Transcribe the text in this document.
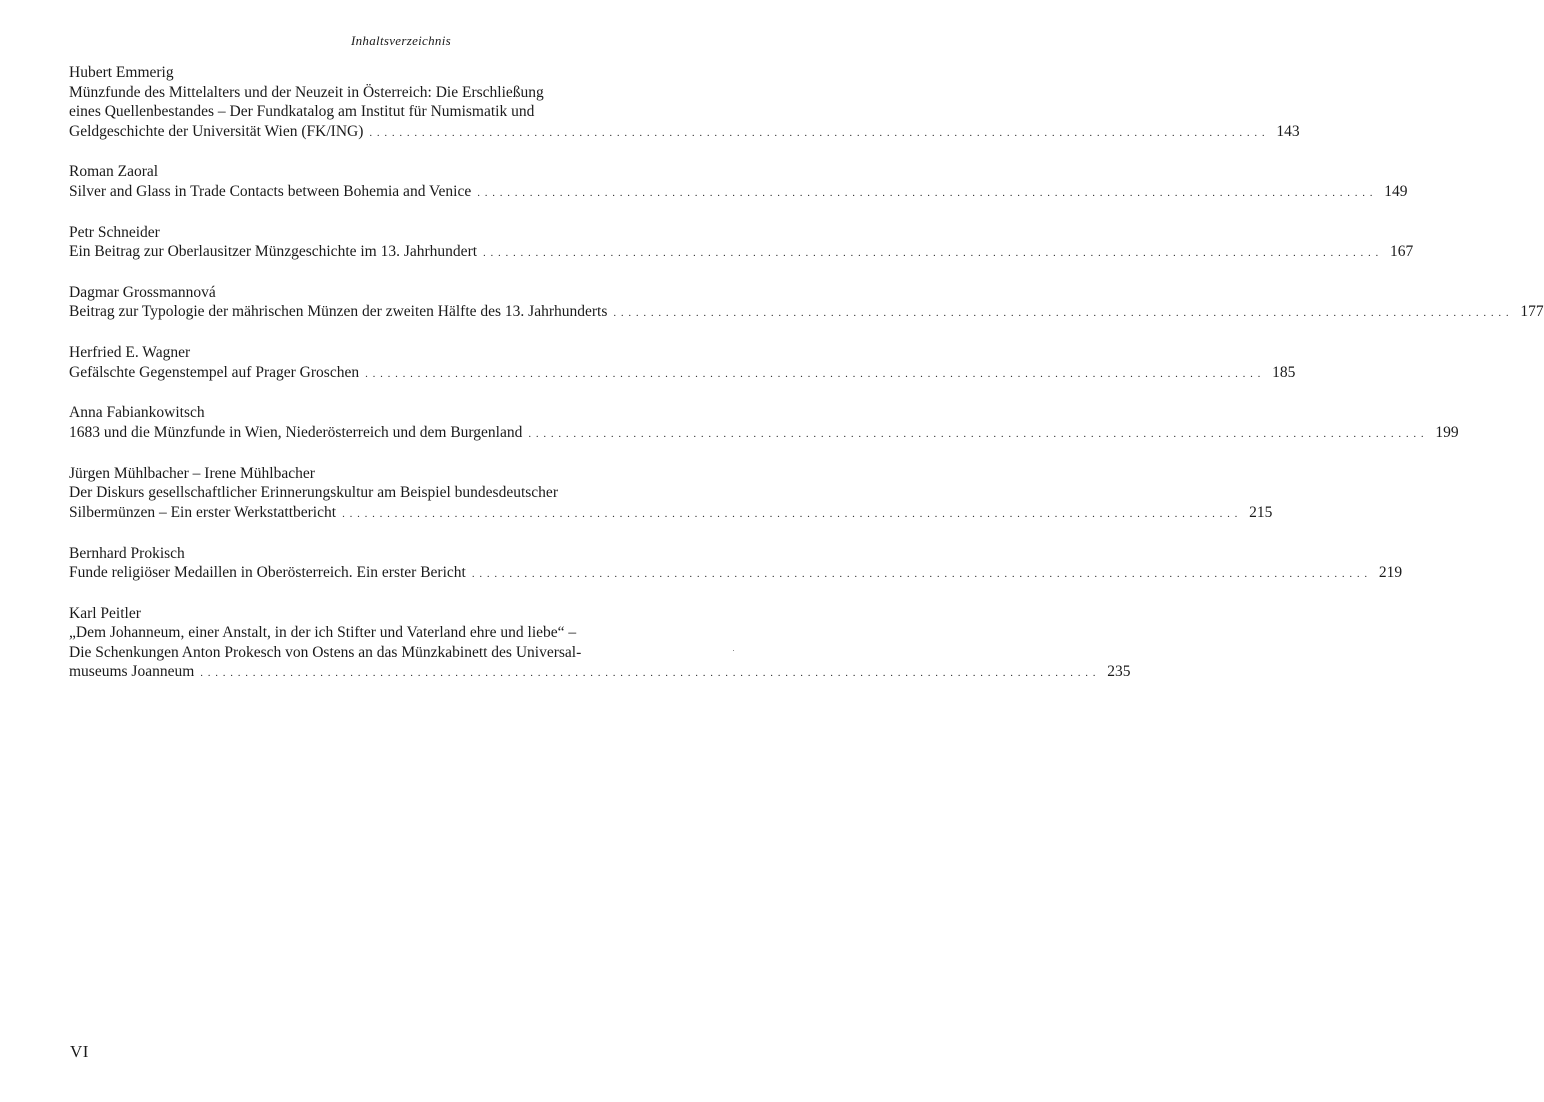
Inhaltsverzeichnis
Hubert Emmerig
Münzfunde des Mittelalters und der Neuzeit in Österreich: Die Erschließung
eines Quellenbestandes – Der Fundkatalog am Institut für Numismatik und
Geldgeschichte der Universität Wien (FK/ING) . . . . . . . . . . . . . . . . . . . . . . . . . . . . . . . . . . . . . . . . . . . . . . . . . . . . . . . . . . . . . . . . . . . . . . . . . . . . . . . . . . . . . . . . . . . . . . . . . . . . . . . . . . . . . . . . . . . . . . . . 143
Roman Zaoral
Silver and Glass in Trade Contacts between Bohemia and Venice . . . . . . . . . . . . . . . . . . . . . . . . . . . . . . . . . . . . . . . . . . . . . . . . . . . . . . . . . . . . . . . . . . . . . . . . . . . . . . . . . . . . . . . . . . . . . . . . . . . . . . . . . . . . . . . . . . . . . . . . 149
Petr Schneider
Ein Beitrag zur Oberlausitzer Münzgeschichte im 13. Jahrhundert . . . . . . . . . . . . . . . . . . . . . . . . . . . . . . . . . . . . . . . . . . . . . . . . . . . . . . . . . . . . . . . . . . . . . . . . . . . . . . . . . . . . . . . . . . . . . . . . . . . . . . . . . . . . . . . . . . . . . . . . 167
Dagmar Grossmannová
Beitrag zur Typologie der mährischen Münzen der zweiten Hälfte des 13. Jahrhunderts . . . . . . . . . . . . . . . . . . . . . . . . . . . . . . . . . . . . . . . . . . . . . . . . . . . . . . . . . . . . . . . . . . . . . . . . . . . . . . . . . . . . . . . . . . . . . . . . . . . . . . . . . . . . . . . . . . . . . . . . 177
Herfried E. Wagner
Gefälschte Gegenstempel auf Prager Groschen . . . . . . . . . . . . . . . . . . . . . . . . . . . . . . . . . . . . . . . . . . . . . . . . . . . . . . . . . . . . . . . . . . . . . . . . . . . . . . . . . . . . . . . . . . . . . . . . . . . . . . . . . . . . . . . . . . . . . . . . 185
Anna Fabiankowitsch
1683 und die Münzfunde in Wien, Niederösterreich und dem Burgenland . . . . . . . . . . . . . . . . . . . . . . . . . . . . . . . . . . . . . . . . . . . . . . . . . . . . . . . . . . . . . . . . . . . . . . . . . . . . . . . . . . . . . . . . . . . . . . . . . . . . . . . . . . . . . . . . . . . . . . . . 199
Jürgen Mühlbacher – Irene Mühlbacher
Der Diskurs gesellschaftlicher Erinnerungskultur am Beispiel bundesdeutscher
Silbermünzen – Ein erster Werkstattbericht . . . . . . . . . . . . . . . . . . . . . . . . . . . . . . . . . . . . . . . . . . . . . . . . . . . . . . . . . . . . . . . . . . . . . . . . . . . . . . . . . . . . . . . . . . . . . . . . . . . . . . . . . . . . . . . . . . . . . . . . 215
Bernhard Prokisch
Funde religiöser Medaillen in Oberösterreich. Ein erster Bericht . . . . . . . . . . . . . . . . . . . . . . . . . . . . . . . . . . . . . . . . . . . . . . . . . . . . . . . . . . . . . . . . . . . . . . . . . . . . . . . . . . . . . . . . . . . . . . . . . . . . . . . . . . . . . . . . . . . . . . . . 219
Karl Peitler
„Dem Johanneum, einer Anstalt, in der ich Stifter und Vaterland ehre und liebe“ –
Die Schenkungen Anton Prokesch von Ostens an das Münzkabinett des Universal-
museums Joanneum . . . . . . . . . . . . . . . . . . . . . . . . . . . . . . . . . . . . . . . . . . . . . . . . . . . . . . . . . . . . . . . . . . . . . . . . . . . . . . . . . . . . . . . . . . . . . . . . . . . . . . . . . . . . . . . . . . . . . . . . 235
VI
